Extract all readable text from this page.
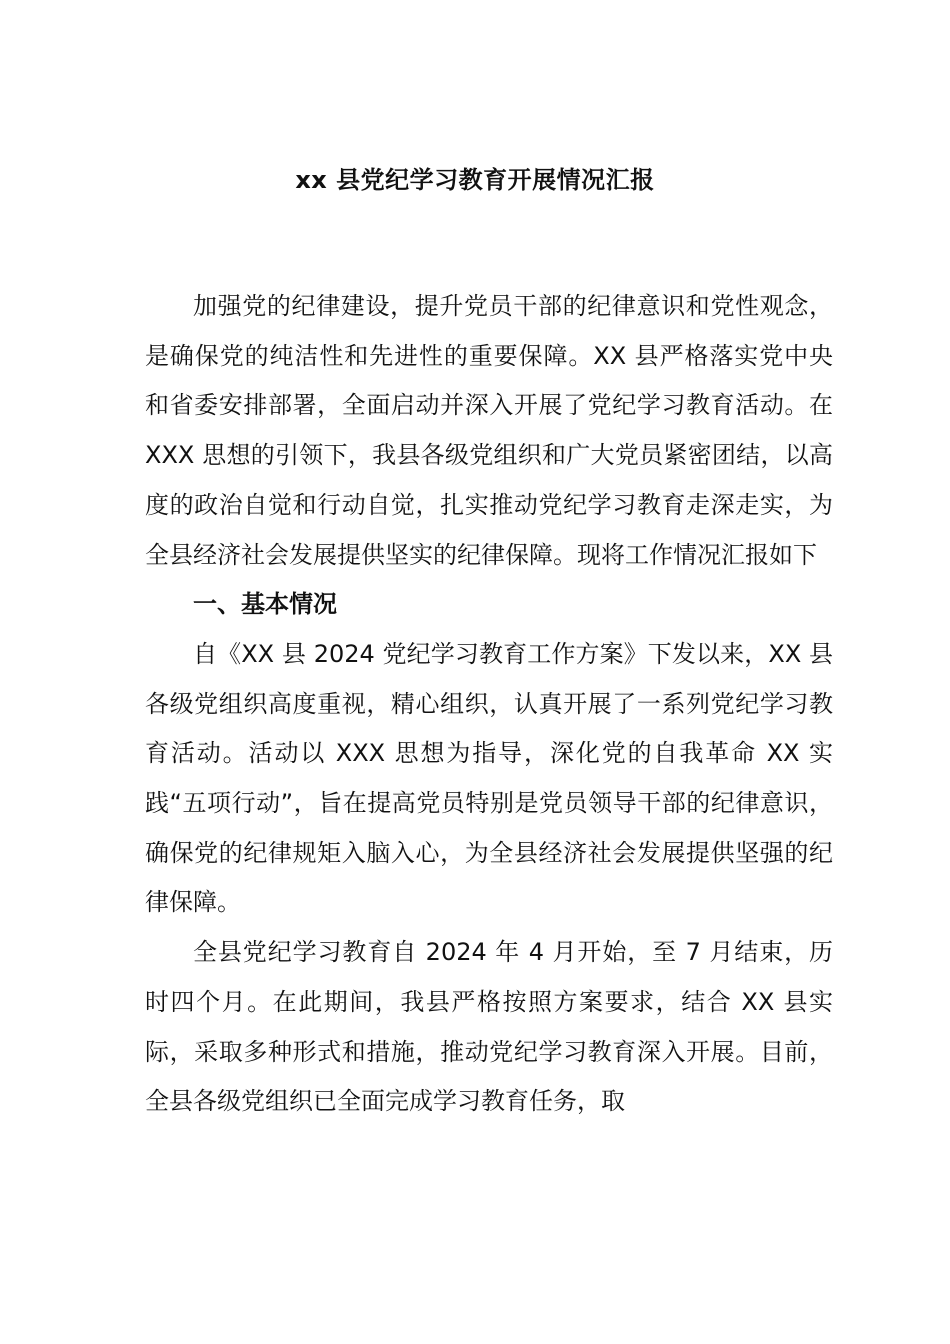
xx 县党纪学习教育开展情况汇报

加强党的纪律建设，提升党员干部的纪律意识和党性观念，是确保党的纯洁性和先进性的重要保障。XX 县严格落实党中央和省委安排部署，全面启动并深入开展了党纪学习教育活动。在 XXX 思想的引领下，我县各级党组织和广大党员紧密团结，以高度的政治自觉和行动自觉，扎实推动党纪学习教育走深走实，为全县经济社会发展提供坚实的纪律保障。现将工作情况汇报如下

一、基本情况

自《XX 县 2024 党纪学习教育工作方案》下发以来，XX 县各级党组织高度重视，精心组织，认真开展了一系列党纪学习教育活动。活动以 XXX 思想为指导，深化党的自我革命 XX 实践“五项行动”，旨在提高党员特别是党员领导干部的纪律意识，确保党的纪律规矩入脑入心，为全县经济社会发展提供坚强的纪律保障。

全县党纪学习教育自 2024 年 4 月开始，至 7 月结束，历时四个月。在此期间，我县严格按照方案要求，结合 XX 县实际，采取多种形式和措施，推动党纪学习教育深入开展。目前，全县各级党组织已全面完成学习教育任务，取
